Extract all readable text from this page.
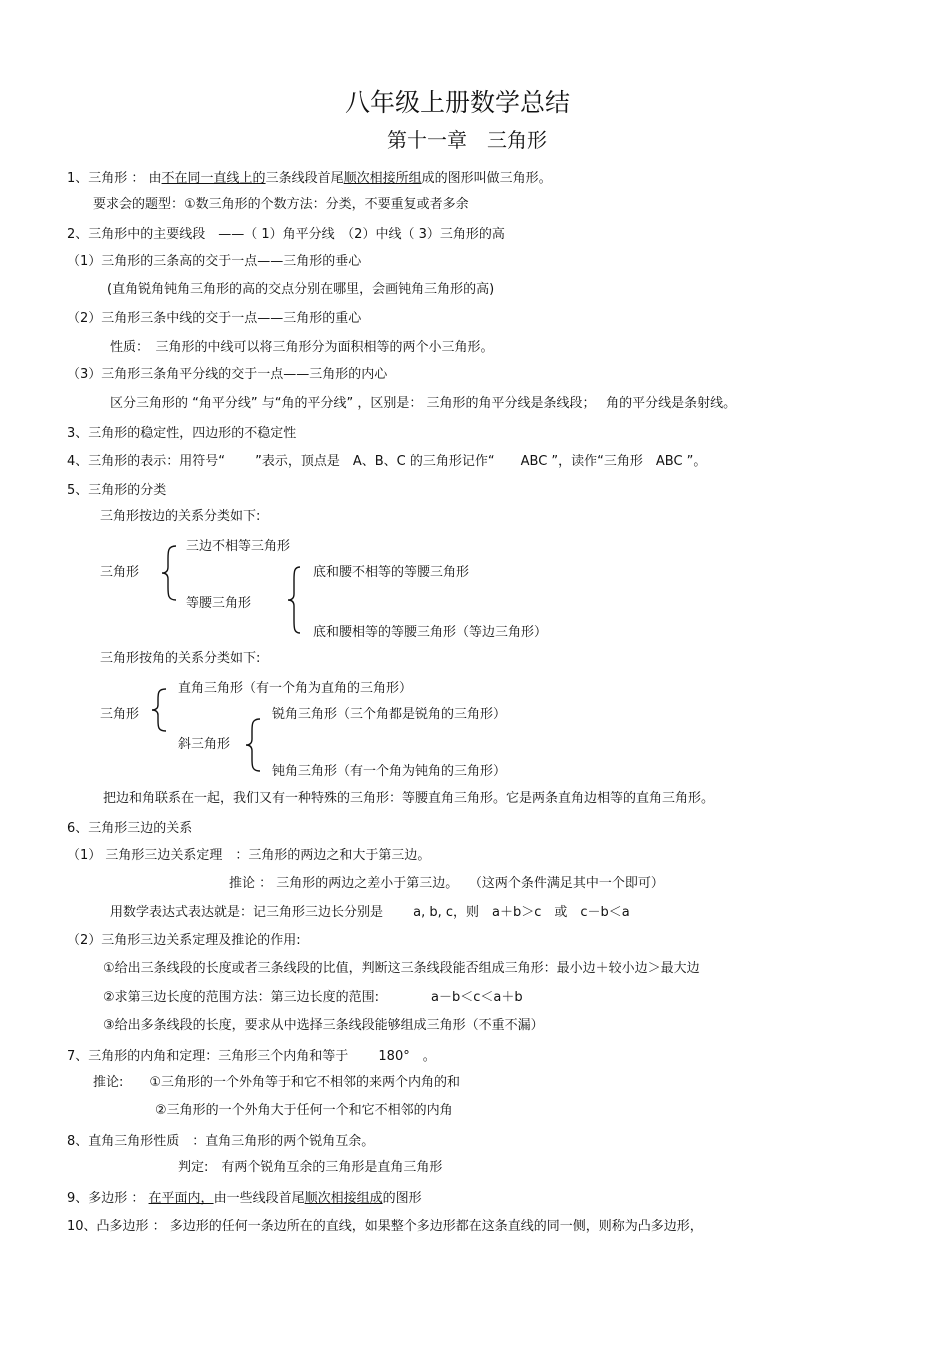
八年级上册数学总结
第十一章　三角形
1、三角形 ： 由不在同一直线上的三条线段首尾顺次相接所组成的图形叫做三角形。
要求会的题型：①数三角形的个数方法：分类，不要重复或者多余
2、三角形中的主要线段　——（ 1）角平分线　（2）中线（ 3）三角形的高
（1）三角形的三条高的交于一点——三角形的垂心
(直角锐角钝角三角形的高的交点分别在哪里，会画钝角三角形的高)
（2）三角形三条中线的交于一点——三角形的重心
性质：　三角形的中线可以将三角形分为面积相等的两个小三角形。
（3）三角形三条角平分线的交于一点——三角形的内心
区分三角形的 “角平分线” 与“角的平分线” ，区别是： 三角形的角平分线是条线段；　 角的平分线是条射线。
3、三角形的稳定性，四边形的不稳定性
4、三角形的表示：用符号“　　 ”表示，顶点是　A、B、C 的三角形记作“　　ABC ”，读作“三角形　ABC ”。
5、三角形的分类
三角形按边的关系分类如下:
三角形
三边不相等三角形
等腰三角形
底和腰不相等的等腰三角形
底和腰相等的等腰三角形（等边三角形）
三角形按角的关系分类如下:
三角形
直角三角形（有一个角为直角的三角形）
斜三角形
锐角三角形（三个角都是锐角的三角形）
钝角三角形（有一个角为钝角的三角形）
把边和角联系在一起，我们又有一种特殊的三角形：等腰直角三角形。它是两条直角边相等的直角三角形。
6、三角形三边的关系
（1） 三角形三边关系定理　：三角形的两边之和大于第三边。
推论 ： 三角形的两边之差小于第三边。　 （这两个条件满足其中一个即可）
用数学表达式表达就是：记三角形三边长分别是　　 a, b, c，则　a＋b＞c　或　c－b＜a
（2）三角形三边关系定理及推论的作用:
①给出三条线段的长度或者三条线段的比值，判断这三条线段能否组成三角形：最小边＋较小边＞最大边
②求第三边长度的范围方法：第三边长度的范围:　　　　a－b＜c＜a＋b
③给出多条线段的长度，要求从中选择三条线段能够组成三角形（不重不漏）
7、三角形的内角和定理：三角形三个内角和等于　　 180°　。
推论:　　①三角形的一个外角等于和它不相邻的来两个内角的和
②三角形的一个外角大于任何一个和它不相邻的内角
8、直角三角形性质　：直角三角形的两个锐角互余。
判定:　有两个锐角互余的三角形是直角三角形
9、多边形 ： 在平面内，由一些线段首尾顺次相接组成的图形
10、凸多边形 ： 多边形的任何一条边所在的直线，如果整个多边形都在这条直线的同一侧，则称为凸多边形，
